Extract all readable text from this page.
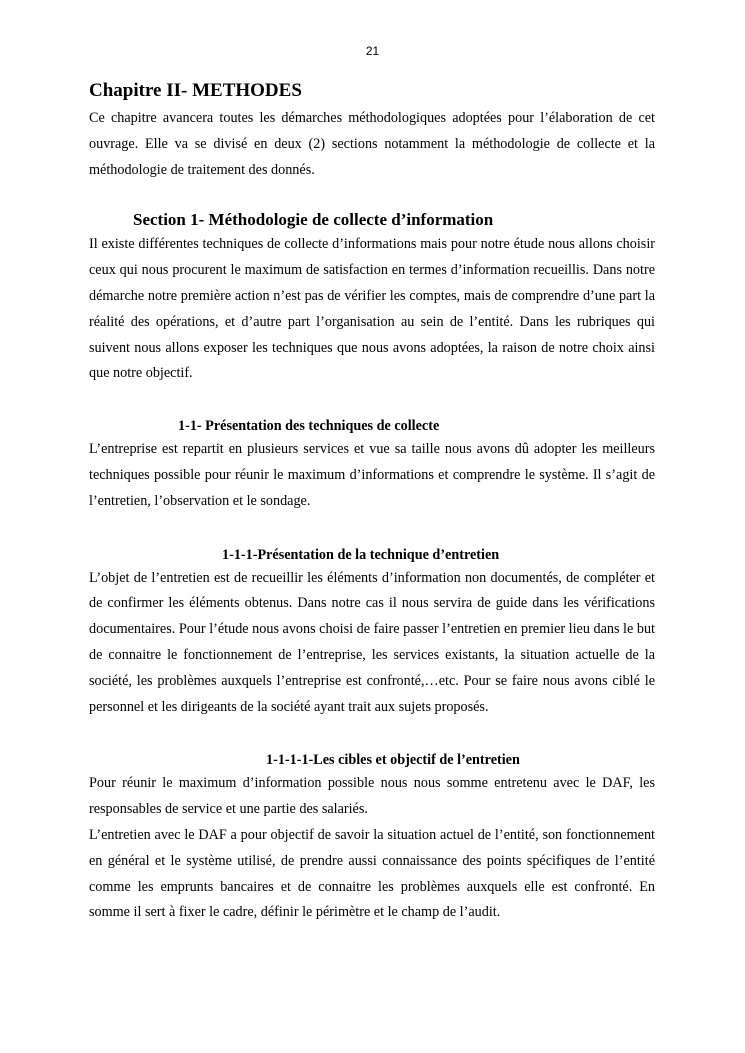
21
Chapitre II- METHODES

Ce chapitre avancera toutes les démarches méthodologiques adoptées pour l’élaboration de cet ouvrage. Elle va se divisé en deux (2) sections notamment la méthodologie de collecte et la méthodologie de traitement des donnés.

Section 1- Méthodologie de collecte d’information

Il existe différentes techniques de collecte d’informations mais pour notre étude nous allons choisir ceux qui nous procurent le maximum de satisfaction en termes d’information recueillis. Dans notre démarche notre première action n’est pas de vérifier les comptes, mais de comprendre d’une part la réalité des opérations, et d’autre part l’organisation au sein de l’entité. Dans les rubriques qui suivent nous allons exposer les techniques que nous avons adoptées, la raison de notre choix ainsi que notre objectif.

1-1- Présentation des techniques de collecte

L’entreprise est repartit en plusieurs services et vue sa taille nous avons dû adopter les meilleurs techniques possible pour réunir le maximum d’informations et comprendre le système. Il s’agit de l’entretien, l’observation et le sondage.

1-1-1-Présentation de la technique d’entretien

L’objet de l’entretien est de recueillir les éléments d’information non documentés, de compléter et de confirmer les éléments obtenus. Dans notre cas il nous servira de guide dans les vérifications documentaires. Pour l’étude nous avons choisi de faire passer l’entretien en premier lieu dans le but de connaitre le fonctionnement de l’entreprise, les services existants, la situation actuelle de la société, les problèmes auxquels l’entreprise est confronté,…etc. Pour se faire nous avons ciblé le personnel et les dirigeants de la société ayant trait aux sujets proposés.

1-1-1-1-Les cibles et objectif de l’entretien

Pour réunir le maximum d’information possible nous nous somme entretenu avec le DAF, les responsables de service et une partie des salariés.

L’entretien avec le DAF a pour objectif de savoir la situation actuel de l’entité, son fonctionnement en général et le système utilisé, de prendre aussi connaissance des points spécifiques de l’entité comme les emprunts bancaires et de connaitre les problèmes auxquels elle est confronté. En somme il sert à fixer le cadre, définir le périmètre et le champ de l’audit.
